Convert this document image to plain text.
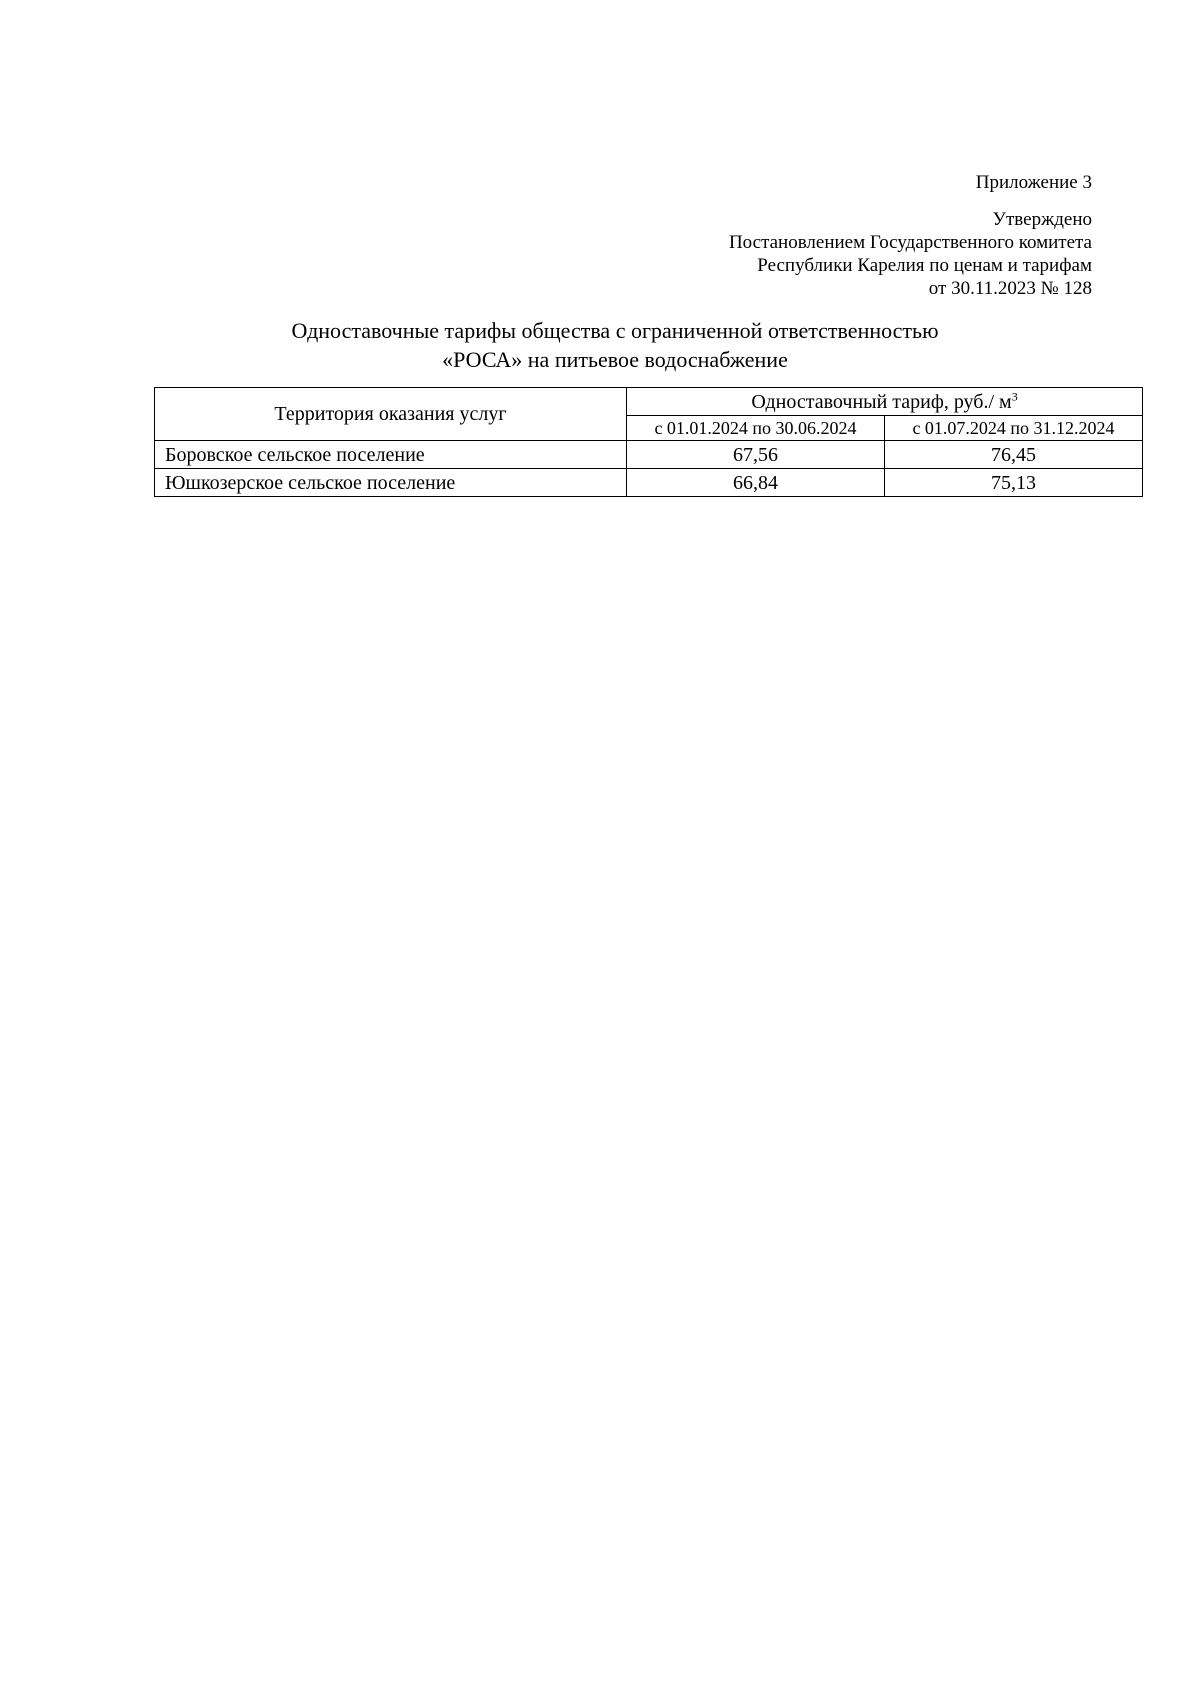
Приложение 3
Утверждено
Постановлением Государственного комитета
Республики Карелия по ценам и тарифам
от 30.11.2023 № 128
Одноставочные тарифы общества с ограниченной ответственностью
«РОСА» на питьевое водоснабжение
Территория оказания услуг	Одноставочный тариф, руб./ $м^3$
	с 01.01.2024 по 30.06.2024	с 01.07.2024 по 31.12.2024
Боровское сельское поселение	67,56	76,45
Юшкозерское сельское поселение	66,84	75,13
